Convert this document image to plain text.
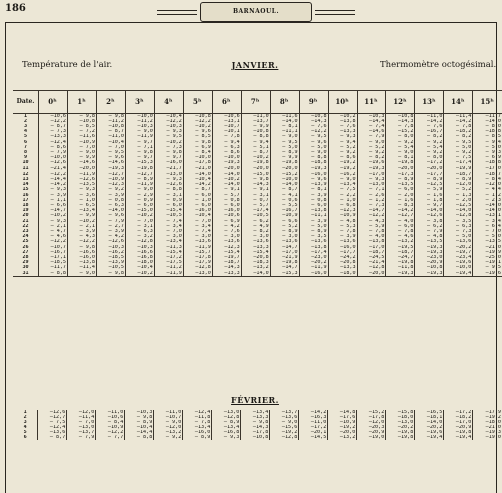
186	BARNAOUL.
Température de l'air.	Thermomètre octogésimal.
JANVIER.
FÉVRIER.
Date.	0ʰ	1ʰ	2ʰ	3ʰ	4ʰ	5ʰ	6ʰ	7ʰ	8ʰ	9ʰ	10ʰ	11ʰ	12ʰ	13ʰ	14ʰ	15ʰ
1	—10,6	— 9,8	— 9,8	—10,0	—10,4	—10,8	—10,6	—11,0	—11,6	—10,8	—10,2	—10,3	—10,8	—11,0	—11,4	—11,7
2	—12,2	—10,8	—11,2	—11,2	—12,2	—12,2	—13,1	—13,7	—14,0	—14,3	—13,8	—14,4	—14,3	—14,2	—14,2	—14,0
3	— 8,7	— 8,5	—10,8	—10,3	—10,3	—10,2	—10,7	— 9,9	— 8,1	— 7,6	— 7,6	— 7,4	— 7,8	— 7,6	— 7,8	— 8,0
4	— 7,3	— 7,2	— 8,7	— 9,0	— 9,3	— 9,6	—10,1	—10,8	—11,1	—12,2	—13,3	—14,6	—15,2	—16,7	—18,2	—18,8
5	—13,3	—11,6	—11,0	—11,9	— 9,5	— 8,5	— 7,8	— 8,8	— 9,0	— 9,5	— 9,3	— 7,9	— 8,0	— 8,2	— 8,2	— 8,5
6	—12,4	—10,9	—10,4	— 9,7	—10,2	— 9,8	— 9,4	— 9,4	— 9,5	— 9,6	— 9,4	— 9,0	— 9,2	— 9,2	— 9,5	— 9,4
7	— 8,6	— 7,0	— 7,0	— 7,1	— 7,3	— 6,9	— 6,3	— 5,1	— 5,0	— 5,0	— 5,2	— 5,2	— 5,4	— 5,4	— 5,0	— 5,0
8	— 7,9	— 9,0	— 9,5	— 9,8	— 9,8	— 8,4	— 8,6	— 8,7	— 8,9	— 9,0	— 9,2	— 9,2	— 9,0	— 9,2	— 9,2	— 9,3
9	—10,0	— 9,9	— 9,6	— 9,7	— 9,7	—10,0	—10,0	—10,2	— 9,9	— 8,8	— 8,6	— 8,2	— 8,1	— 8,0	— 7,5	— 6,9
10	—12,6	—14,6	—14,6	—15,3	—16,0	—17,8	—19,3	—19,8	—19,8	—18,8	—19,2	—19,6	—19,8	—17,2	—17,4	—18,8
11	—21,4	—20,0	—19,3	—19,8	—21,7	—21,0	—20,0	—20,0	—20,0	—19,3	—19,2	—19,3	—20,0	—20,0	—19,9	—17,0
12	—12,2	—11,9	—12,7	—12,7	—13,0	—14,0	—14,0	—15,0	—15,2	—16,0	—16,2	—17,0	—17,3	—17,7	—18,7	—18,7
13	—14,4	—12,6	—10,9	— 8,9	— 9,3	—10,4	—10,2	— 9,8	—10,0	— 9,6	— 9,0	— 9,3	— 8,9	— 8,9	— 8,9	— 8,4
14	—14,2	—13,5	—12,3	—11,9	—12,6	—14,2	—14,0	—14,3	—14,0	—13,9	—13,4	—13,0	—13,5	—12,5	—12,0	—12,0
15	— 9,3	— 9,3	— 9,2	— 9,0	— 8,8	— 8,7	— 9,1	— 9,1	— 8,7	— 8,1	— 7,5	— 7,1	— 6,0	— 5,9	— 5,2	— 4,4
16	— 3,9	— 3,6	— 3,9	— 2,9	— 3,1	— 6,0	— 5,7	— 3,1	— 4,1	— 3,9	— 2,2	— 2,6	— 2,0	— 1,6	— 1,3	— 1,2
17	— 1,1	— 1,0	— 0,8	— 0,9	— 0,9	— 1,0	— 0,8	— 0,7	— 0,6	— 0,8	— 1,0	— 1,2	— 1,6	— 1,8	— 2,0	— 2,3
18	— 6,6	— 6,5	— 6,3	— 6,0	— 6,0	— 6,0	— 6,0	— 5,7	— 5,5	— 6,0	— 6,8	— 7,3	— 8,3	— 9,7	—12,5	—14,0
19	—14,7	—13,4	—14,0	—15,0	—15,4	—16,0	—16,0	—17,4	—16,7	—13,8	—12,3	—14,7	—14,2	—14,0	—14,0	—14,0
20	—10,2	— 9,9	— 9,6	—10,2	—10,5	—10,4	—10,6	—10,5	—10,9	—11,1	—10,9	—12,2	—12,7	—12,6	—12,8	—13,1
21	— 9,3	—10,2	— 7,9	— 7,0	— 7,4	— 7,0	— 6,9	— 6,2	— 6,6	— 3,9	— 4,8	— 4,3	— 4,0	— 3,8	— 3,5	— 3,4
22	— 2,1	— 2,1	— 2,7	— 3,1	— 3,4	— 3,4	— 4,2	— 4,9	— 5,2	— 5,0	— 5,3	— 5,9	— 6,0	— 6,2	— 6,3	— 6,4
23	— 4,7	— 3,9	— 3,9	— 6,3	— 7,0	— 7,4	— 7,6	— 8,2	— 8,9	— 8,9	— 7,8	— 7,8	— 7,8	— 7,9	— 7,3	— 7,0
24	— 4,6	— 4,3	— 4,2	— 3,2	— 3,0	— 3,0	— 3,0	— 3,0	— 3,0	— 3,5	— 3,9	— 4,0	— 4,6	— 4,8	— 5,0	— 5,0
25	—12,2	—12,2	—12,6	—12,8	—13,4	—13,6	—13,6	—13,6	—13,6	—13,6	—13,6	—13,8	—13,2	—13,5	—13,6	—13,5
26	—10,7	— 9,8	—10,3	—10,3	—11,3	—11,9	—12,3	—13,3	—14,7	—13,8	—16,0	—17,0	—19,5	—19,3	—20,2	—21,0
27	—16,7	—16,6	—16,2	—16,6	—15,4	—15,7	—15,4	—15,4	—17,0	—17,4	—17,7	—18,7	—18,7	—19,3	—19,7	—19,9
28	—17,1	—16,0	—18,5	—16,8	—17,2	—17,8	—19,7	—20,8	—21,9	—23,0	—24,2	—24,5	—24,7	—23,0	—23,4	—25,0
29	—18,5	—13,8	—13,9	—18,0	—17,5	—17,9	—18,7	—18,3	—19,8	—20,2	—20,8	—21,4	—19,8	—20,9	—19,6	—19,1
30	—11,7	—11,4	—10,5	—10,4	—11,2	—12,8	—14,3	—13,2	—14,7	—11,9	—13,3	—12,8	—11,8	—10,8	—10,0	— 9,5
31	— 8,8	— 9,0	— 9,8	—10,2	—11,9	—13,0	—13,3	—14,0	—15,3	—16,0	—18,0	—20,0	—19,3	—19,3	—19,4	—19,6
1	—12,6	—12,0	—11,0	—10,3	—11,0	—12,4	—13,0	—13,4	—13,7	—14,2	—14,8	—15,2	—15,8	—16,5	—17,2	—17,9
2	—12,7	—11,4	—10,6	— 9,8	—10,7	—11,8	—12,8	—13,3	—13,6	—16,3	—17,6	—17,8	—18,0	—18,1	—18,2	—19,2
3	— 7,5	— 7,0	— 8,4	— 8,9	— 9,0	— 7,8	— 8,9	— 9,8	— 9,0	—11,0	—10,9	—12,0	—13,0	—14,0	—17,0	—18,0
4	—12,4	—13,0	—10,9	—10,4	—12,0	—13,4	—13,4	—14,3	—15,6	—17,2	—19,2	—20,3	—20,2	—20,2	—20,9	—21,0
5	—13,6	—13,7	—12,2	—14,4	—13,2	—16,0	—16,8	—17,8	—19,2	—20,1	—20,0	—20,9	—19,8	—19,6	—19,8	—19,3
6	— 8,7	— 7,9	— 7,7	— 8,8	— 9,2	— 8,9	— 9,3	—10,8	—12,8	—14,5	—13,2	—19,0	—19,8	—19,4	—19,4	—19,0
